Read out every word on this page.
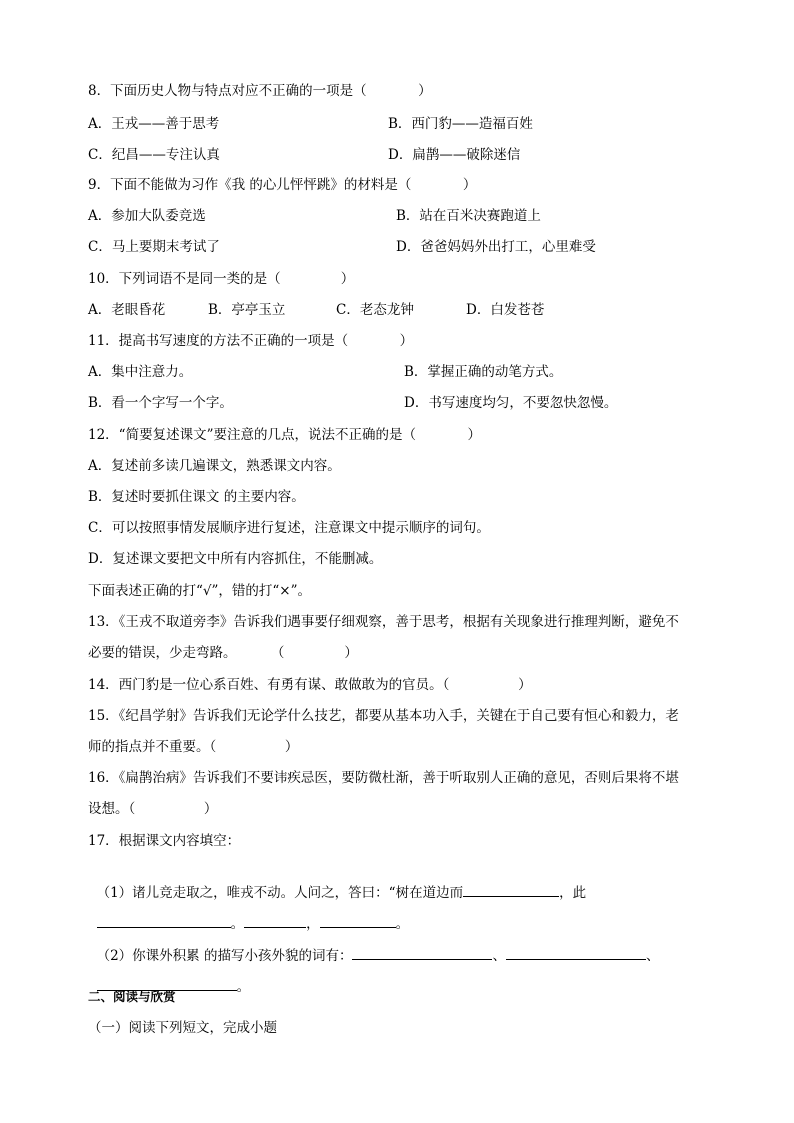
8．下面历史人物与特点对应不正确的一项是（            ）
A．王戎——善于思考	B．西门豹——造福百姓
C．纪昌——专注认真	D．扁鹊——破除迷信
9．下面不能做为习作《我 的心儿怦怦跳》的材料是（            ）
A．参加大队委竞选	B．站在百米决赛跑道上
C．马上要期末考试了	D．爸爸妈妈外出打工，心里难受
10．下列词语不是同一类的是（              ）
A．老眼昏花	B．亭亭玉立	C．老态龙钟	D．白发苍苍
11．提高书写速度的方法不正确的一项是（            ）
A．集中注意力。	B．掌握正确的动笔方式。
B．看一个字写一个字。	D．书写速度均匀，不要忽快忽慢。
12．“简要复述课文”要注意的几点，说法不正确的是（            ）
A．复述前多读几遍课文，熟悉课文内容。
B．复述时要抓住课文 的主要内容。
C．可以按照事情发展顺序进行复述，注意课文中提示顺序的词句。
D．复述课文要把文中所有内容抓住，不能删减。
下面表述正确的打“√”，错的打“×”。
13．《王戎不取道旁李》告诉我们遇事要仔细观察，善于思考，根据有关现象进行推理判断，避免不
必要的错误，少走弯路。        （              ）
14．西门豹是一位心系百姓、有勇有谋、敢做敢为的官员。（                ）
15．《纪昌学射》告诉我们无论学什么技艺，都要从基本功入手，关键在于自己要有恒心和毅力，老
师的指点并不重要。（                ）
16．《扁鹊治病》告诉我们不要讳疾忌医，要防微杜渐，善于听取别人正确的意见，否则后果将不堪
设想。（                ）
17．根据课文内容填空：

（1）诸儿竞走取之，唯戎不动。人问之，答曰：“树在道边而	，此

。	，	。

（2）你课外积累 的描写小孩外貌的词有：	、	、

。

二、阅读与欣赏
（一）阅读下列短文，完成小题
